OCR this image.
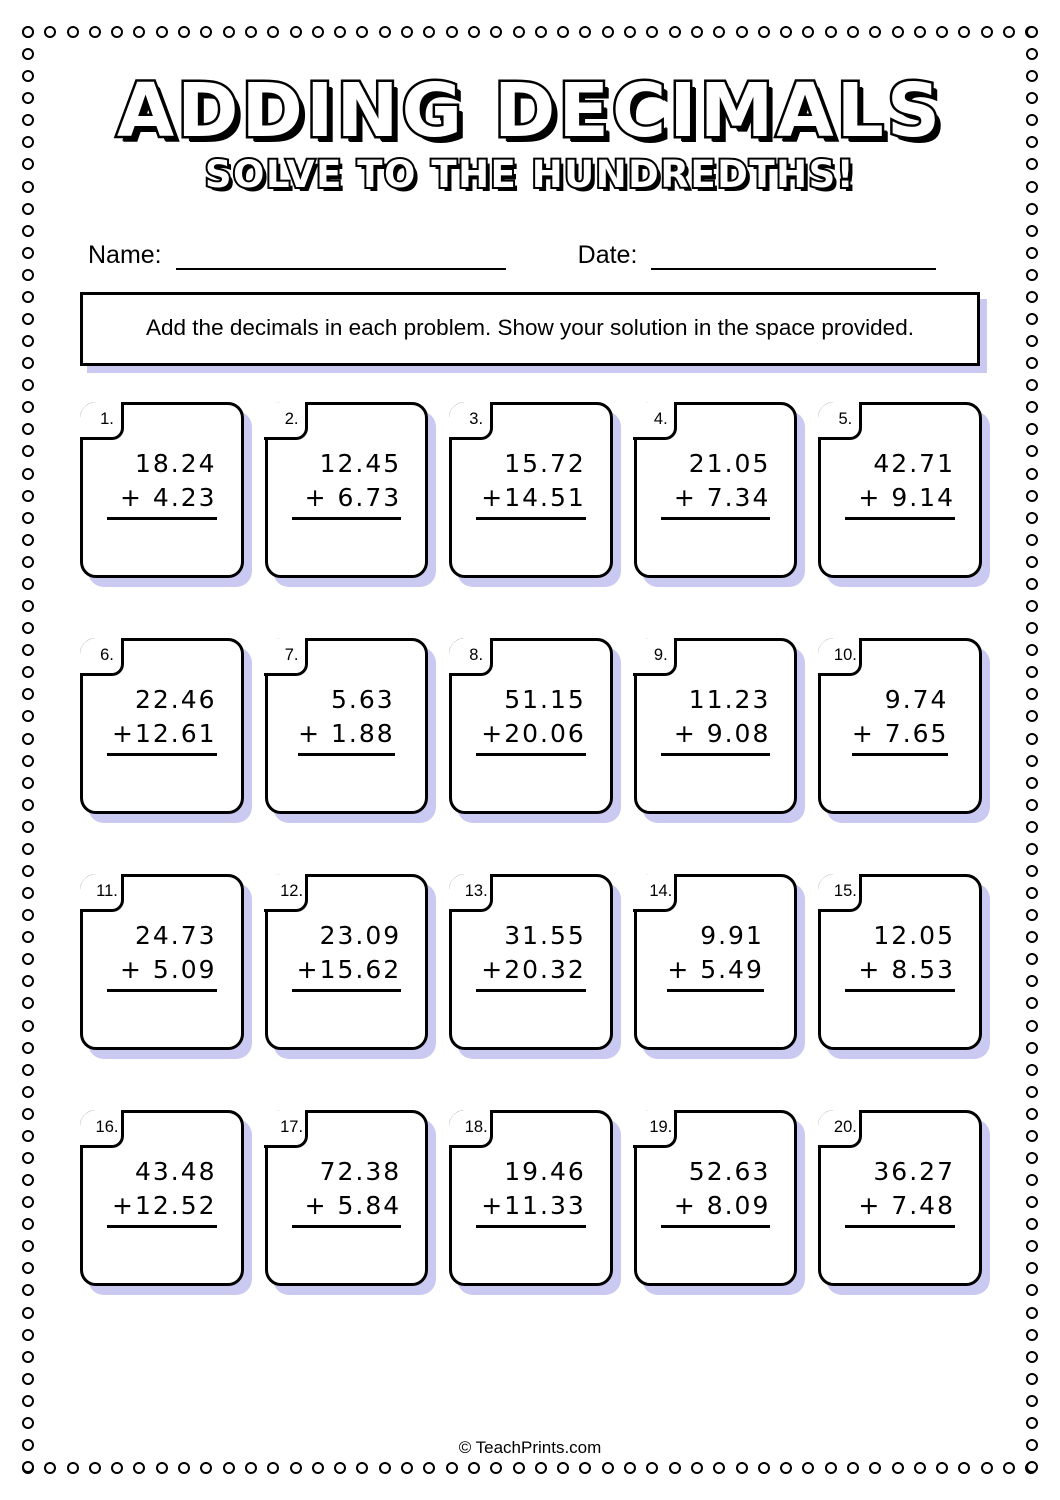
ADDING DECIMALS
SOLVE TO THE HUNDREDTHS!
Name:	Date:
Add the decimals in each problem. Show your solution in the space provided.
1.
18.24
+ 4.23
2.
12.45
+ 6.73
3.
15.72
+14.51
4.
21.05
+ 7.34
5.
42.71
+ 9.14
6.
22.46
+12.61
7.
5.63
+ 1.88
8.
51.15
+20.06
9.
11.23
+ 9.08
10.
9.74
+ 7.65
11.
24.73
+ 5.09
12.
23.09
+15.62
13.
31.55
+20.32
14.
9.91
+ 5.49
15.
12.05
+ 8.53
16.
43.48
+12.52
17.
72.38
+ 5.84
18.
19.46
+11.33
19.
52.63
+ 8.09
20.
36.27
+ 7.48
© TeachPrints.com
